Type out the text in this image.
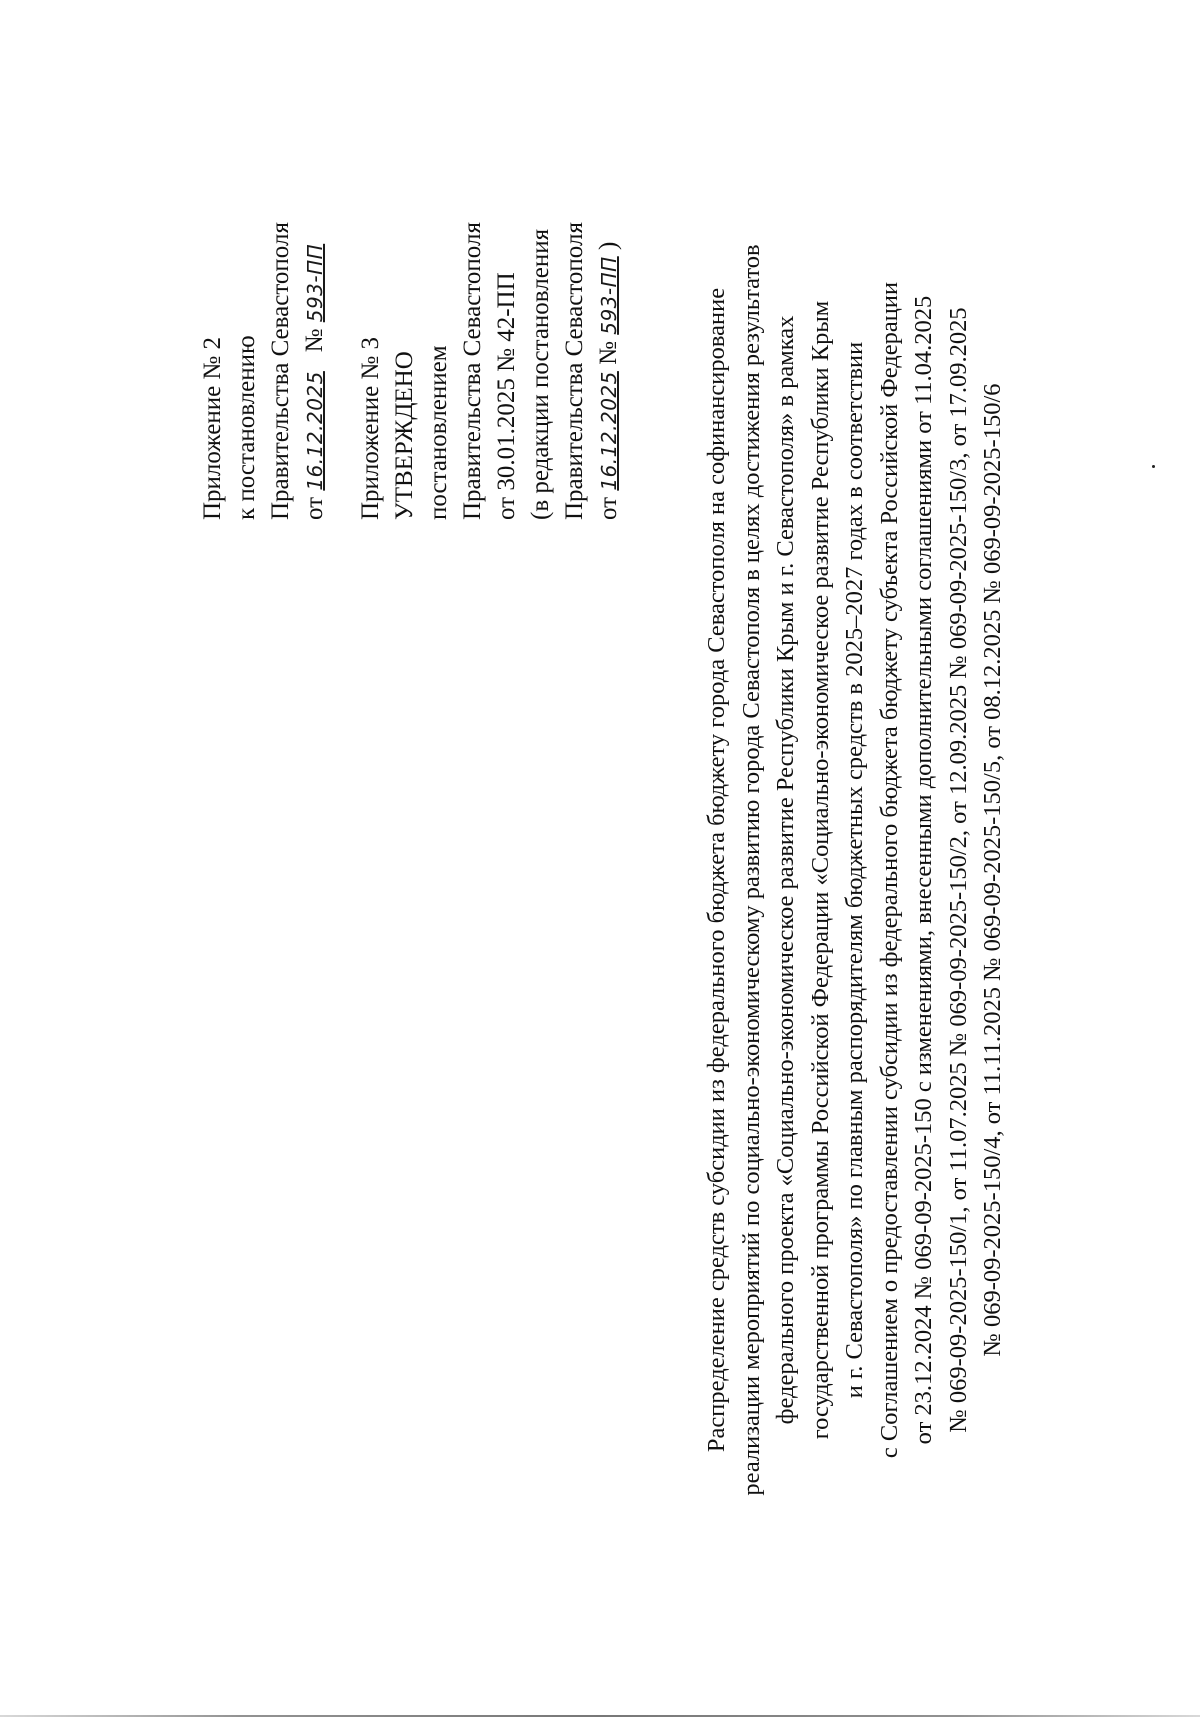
Приложение № 2 к постановлению Правительства Севастополя от 16.12.2025   № 593-ПП
Приложение № 3 УТВЕРЖДЕНО постановлением Правительства Севастополя от 30.01.2025 № 42-ПП (в редакции постановления Правительства Севастополя от 16.12.2025 № 593-ПП )
Распределение средств субсидии из федерального бюджета бюджету города Севастополя на софинансирование реализации мероприятий по социально-экономическому развитию города Севастополя в целях достижения результатов федерального проекта «Социально-экономическое развитие Республики Крым и г. Севастополя» в рамках государственной программы Российской Федерации «Социально-экономическое развитие Республики Крым и г. Севастополя» по главным распорядителям бюджетных средств в 2025–2027 годах в соответствии с Соглашением о предоставлении субсидии из федерального бюджета бюджету субъекта Российской Федерации от 23.12.2024 № 069-09-2025-150 с изменениями, внесенными дополнительными соглашениями от 11.04.2025 № 069-09-2025-150/1, от 11.07.2025 № 069-09-2025-150/2, от 12.09.2025 № 069-09-2025-150/3, от 17.09.2025 № 069-09-2025-150/4, от 11.11.2025 № 069-09-2025-150/5, от 08.12.2025 № 069-09-2025-150/6
